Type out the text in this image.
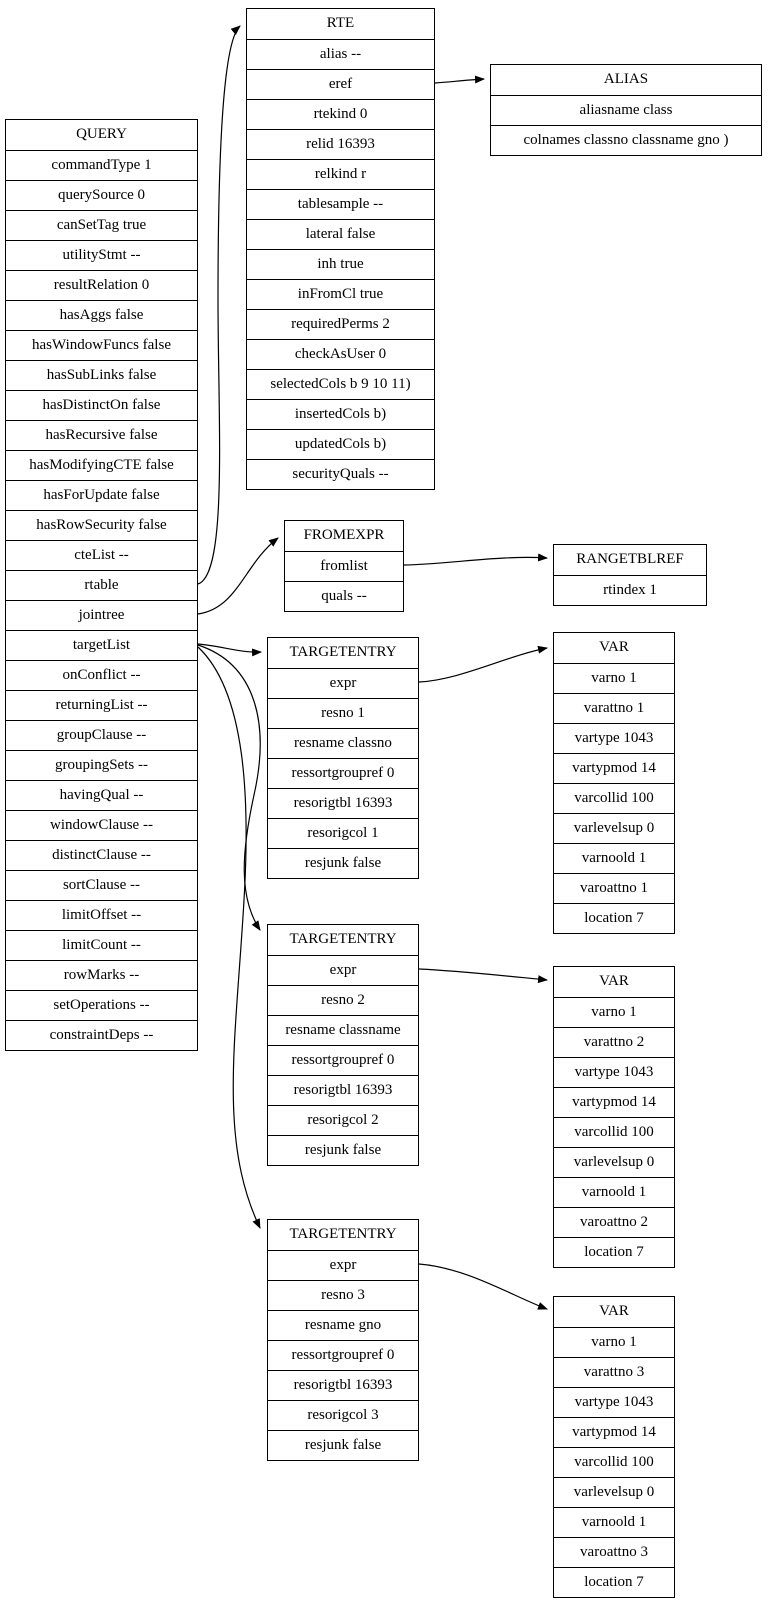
QUERY
commandType 1
querySource 0
canSetTag true
utilityStmt --
resultRelation 0
hasAggs false
hasWindowFuncs false
hasSubLinks false
hasDistinctOn false
hasRecursive false
hasModifyingCTE false
hasForUpdate false
hasRowSecurity false
cteList --
rtable
jointree
targetList
onConflict --
returningList --
groupClause --
groupingSets --
havingQual --
windowClause --
distinctClause --
sortClause --
limitOffset --
limitCount --
rowMarks --
setOperations --
constraintDeps --
RTE
alias --
eref
rtekind 0
relid 16393
relkind r
tablesample --
lateral false
inh true
inFromCl true
requiredPerms 2
checkAsUser 0
selectedCols b 9 10 11)
insertedCols b)
updatedCols b)
securityQuals --
ALIAS
aliasname class
colnames classno classname gno )
FROMEXPR
fromlist
quals --
RANGETBLREF
rtindex 1
TARGETENTRY
expr
resno 1
resname classno
ressortgroupref 0
resorigtbl 16393
resorigcol 1
resjunk false
TARGETENTRY
expr
resno 2
resname classname
ressortgroupref 0
resorigtbl 16393
resorigcol 2
resjunk false
TARGETENTRY
expr
resno 3
resname gno
ressortgroupref 0
resorigtbl 16393
resorigcol 3
resjunk false
VAR
varno 1
varattno 1
vartype 1043
vartypmod 14
varcollid 100
varlevelsup 0
varnoold 1
varoattno 1
location 7
VAR
varno 1
varattno 2
vartype 1043
vartypmod 14
varcollid 100
varlevelsup 0
varnoold 1
varoattno 2
location 7
VAR
varno 1
varattno 3
vartype 1043
vartypmod 14
varcollid 100
varlevelsup 0
varnoold 1
varoattno 3
location 7
